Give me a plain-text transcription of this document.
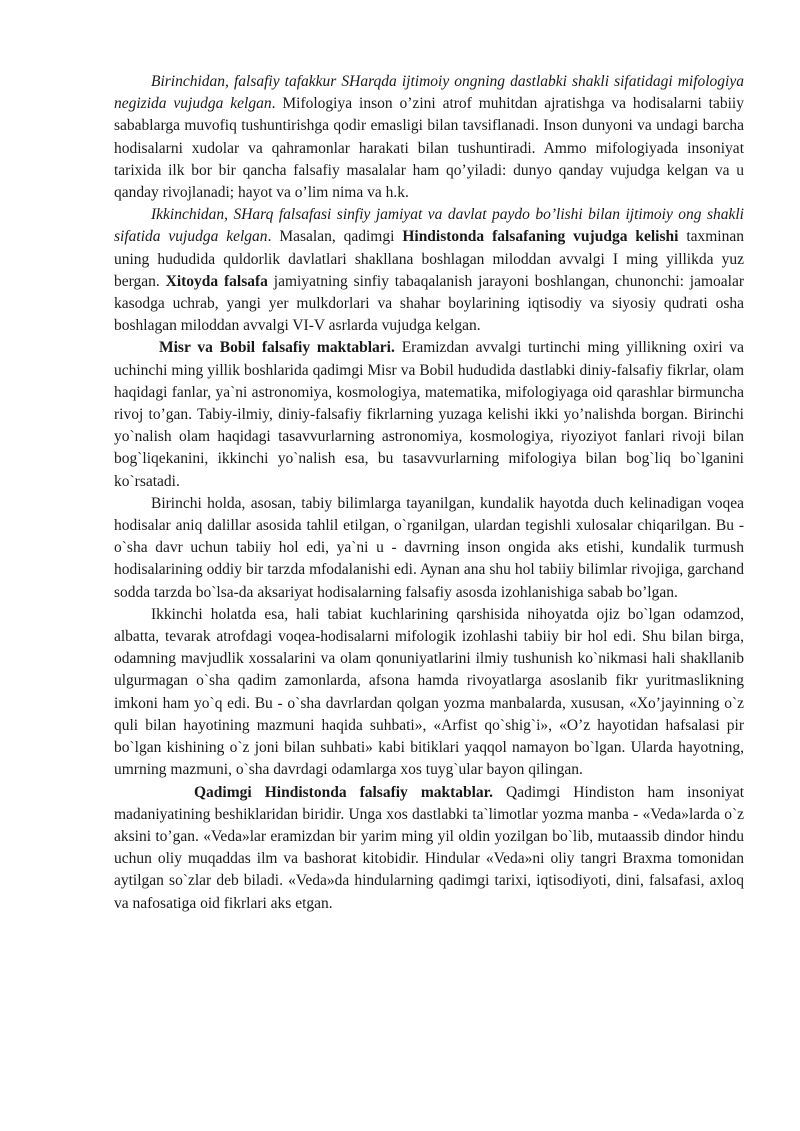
Birinchidan, falsafiy tafakkur SHarqda ijtimoiy ongning dastlabki shakli sifatidagi mifologiya negizida vujudga kelgan. Mifologiya inson o’zini atrof muhitdan ajratishga va hodisalarni tabiiy sabablarga muvofiq tushuntirishga qodir emasligi bilan tavsiflanadi. Inson dunyoni va undagi barcha hodisalarni xudolar va qahramonlar harakati bilan tushuntiradi. Ammo mifologiyada insoniyat tarixida ilk bor bir qancha falsafiy masalalar ham qo’yiladi: dunyo qanday vujudga kelgan va u qanday rivojlanadi; hayot va o’lim nima va h.k.

Ikkinchidan, SHarq falsafasi sinfiy jamiyat va davlat paydo bo’lishi bilan ijtimoiy ong shakli sifatida vujudga kelgan. Masalan, qadimgi Hindistonda falsafaning vujudga kelishi taxminan uning hududida quldorlik davlatlari shakllana boshlagan miloddan avvalgi I ming yillikda yuz bergan. Xitoyda falsafa jamiyatning sinfiy tabaqalanish jarayoni boshlangan, chunonchi: jamoalar kasodga uchrab, yangi yer mulkdorlari va shahar boylarining iqtisodiy va siyosiy qudrati osha boshlagan miloddan avvalgi VI-V asrlarda vujudga kelgan.

Misr va Bobil falsafiy maktablari. Eramizdan avvalgi turtinchi ming yillikning oxiri va uchinchi ming yillik boshlarida qadimgi Misr va Bobil hududida dastlabki diniy-falsafiy fikrlar, olam haqidagi fanlar, ya`ni astronomiya, kosmologiya, matematika, mifologiyaga oid qarashlar birmuncha rivoj to’gan. Tabiy-ilmiy, diniy-falsafiy fikrlarning yuzaga kelishi ikki yo’nalishda borgan. Birinchi yo`nalish olam haqidagi tasavvurlarning astronomiya, kosmologiya, riyoziyot fanlari rivoji bilan bog`liqekanini, ikkinchi yo`nalish esa, bu tasavvurlarning mifologiya bilan bog`liq bo`lganini ko`rsatadi.

Birinchi holda, asosan, tabiy bilimlarga tayanilgan, kundalik hayotda duch kelinadigan voqea hodisalar aniq dalillar asosida tahlil etilgan, o`rganilgan, ulardan tegishli xulosalar chiqarilgan. Bu - o`sha davr uchun tabiiy hol edi, ya`ni u - davrning inson ongida aks etishi, kundalik turmush hodisalarining oddiy bir tarzda mfodalanishi edi. Aynan ana shu hol tabiiy bilimlar rivojiga, garchand sodda tarzda bo`lsa-da aksariyat hodisalarning falsafiy asosda izohlanishiga sabab bo’lgan.

Ikkinchi holatda esa, hali tabiat kuchlarining qarshisida nihoyatda ojiz bo`lgan odamzod, albatta, tevarak atrofdagi voqea-hodisalarni mifologik izohlashi tabiiy bir hol edi. Shu bilan birga, odamning mavjudlik xossalarini va olam qonuniyatlarini ilmiy tushunish ko`nikmasi hali shakllanib ulgurmagan o`sha qadim zamonlarda, afsona hamda rivoyatlarga asoslanib fikr yuritmaslikning imkoni ham yo`q edi. Bu - o`sha davrlardan qolgan yozma manbalarda, xususan, «Xo’jayinning o`z quli bilan hayotining mazmuni haqida suhbati», «Arfist qo`shig`i», «O’z hayotidan hafsalasi pir bo`lgan kishining o`z joni bilan suhbati» kabi bitiklari yaqqol namayon bo`lgan. Ularda hayotning, umrning mazmuni, o`sha davrdagi odamlarga xos tuyg`ular bayon qilingan.

Qadimgi Hindistonda falsafiy maktablar. Qadimgi Hindiston ham insoniyat madaniyatining beshiklaridan biridir. Unga xos dastlabki ta`limotlar yozma manba - «Veda»larda o`z aksini to’gan. «Veda»lar eramizdan bir yarim ming yil oldin yozilgan bo`lib, mutaassib dindor hindu uchun oliy muqaddas ilm va bashorat kitobidir. Hindular «Veda»ni oliy tangri Braxma tomonidan aytilgan so`zlar deb biladi. «Veda»da hindularning qadimgi tarixi, iqtisodiyoti, dini, falsafasi, axloq va nafosatiga oid fikrlari aks etgan.
